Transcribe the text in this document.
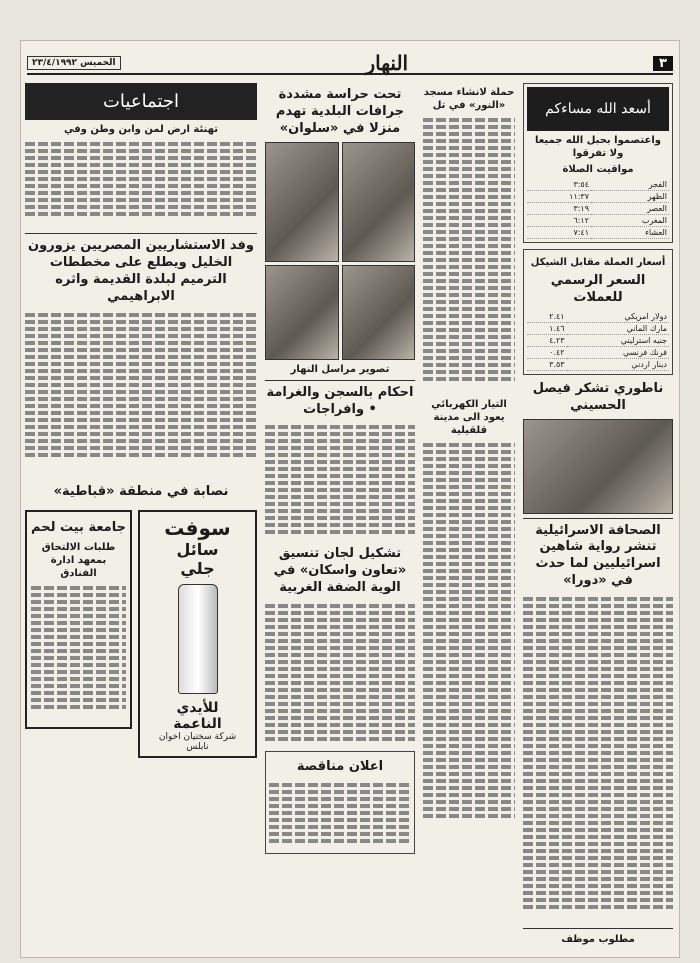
٣
النهار
الخميس ٢٣/٤/١٩٩٢
أسعد الله مساءكم
واعتصموا بحبل الله جميعا ولا تفرقوا
مواقيت الصلاة
الفجر	٣:٥٤
الظهر	١١:٣٧
العصر	٣:١٩
المغرب	٦:١٢
العشاء	٧:٤١
أسعار العملة مقابل الشيكل
السعر الرسمي للعملات
دولار امريكي	٢.٤١
مارك الماني	١.٤٦
جنيه استرليني	٤.٢٣
فرنك فرنسي	٠.٤٢
دينار اردني	٣.٥٣
ناطوري تشكر فيصل الحسيني
الصحافة الاسرائيلية تنشر رواية شاهين اسرائيليين لما حدث في «دورا»
مطلوب موظف
حملة لانشاء مسجد «النور» في تل
التيار الكهربائي يعود الى مدينة قلقيلية
تحت حراسة مشددة جرافات البلدية تهدم منزلا في «سلوان»
تصوير مراسل النهار
احكام بالسجن والغرامة • وافراجات
تشكيل لجان تنسيق «تعاون واسكان» في الوية الضفة الغربية
اعلان مناقصة
اجتماعيات
تهنئة ارض لمن وابن وطن وفي
وفد الاستشاريين المصريين يزورون الخليل ويطلع على مخططات الترميم لبلدة القديمة واثره الابراهيمي
نصابة في منطقة «قباطية»
سوفت
سائل
جلي
للأيدي
الناعمة
شركة سختيان اخوان
نابلس
جامعة بيت لحم
طلبات الالتحاق بمعهد ادارة الفنادق
